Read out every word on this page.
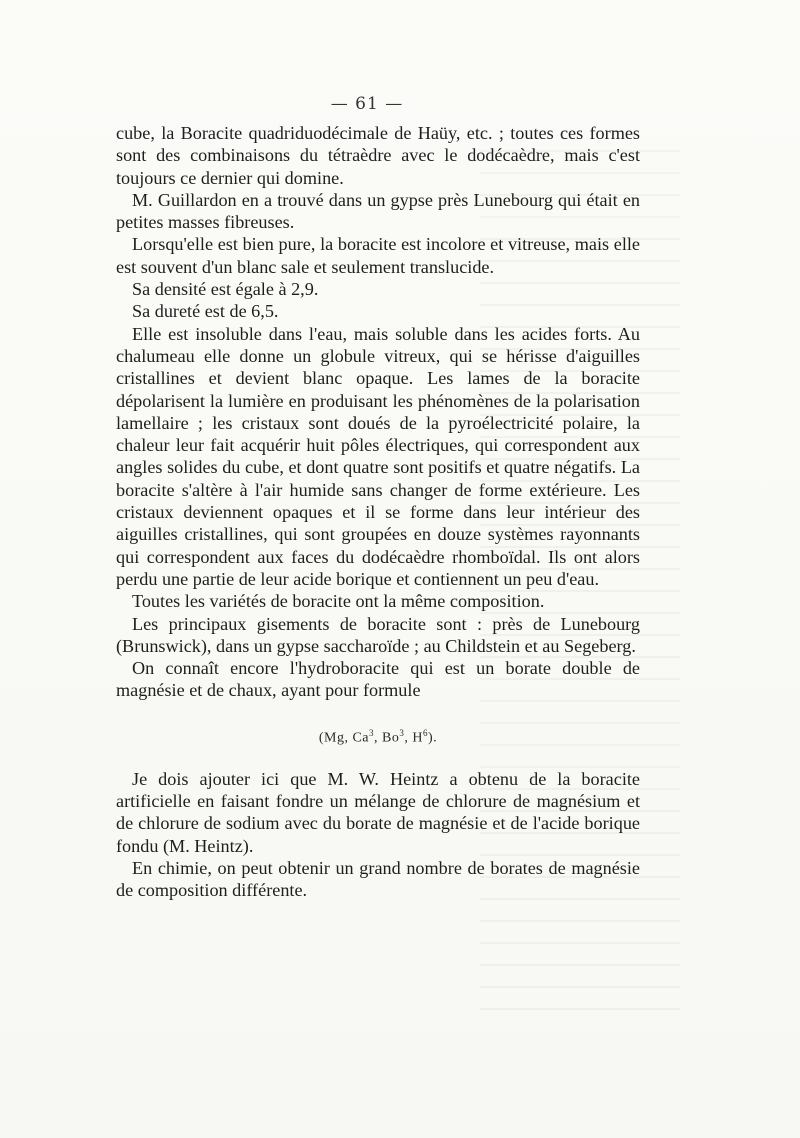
— 61 —

cube, la Boracite quadriduodécimale de Haüy, etc. ; toutes ces formes sont des combinaisons du tétraèdre avec le dodécaèdre, mais c'est toujours ce dernier qui domine.

M. Guillardon en a trouvé dans un gypse près Lunebourg qui était en petites masses fibreuses.

Lorsqu'elle est bien pure, la boracite est incolore et vitreuse, mais elle est souvent d'un blanc sale et seulement translucide.

Sa densité est égale à 2,9.

Sa dureté est de 6,5.

Elle est insoluble dans l'eau, mais soluble dans les acides forts. Au chalumeau elle donne un globule vitreux, qui se hérisse d'aiguilles cristallines et devient blanc opaque. Les lames de la boracite dépolarisent la lumière en produisant les phénomènes de la polarisation lamellaire ; les cristaux sont doués de la pyroélectricité polaire, la chaleur leur fait acquérir huit pôles électriques, qui correspondent aux angles solides du cube, et dont quatre sont positifs et quatre négatifs. La boracite s'altère à l'air humide sans changer de forme extérieure. Les cristaux deviennent opaques et il se forme dans leur intérieur des aiguilles cristallines, qui sont groupées en douze systèmes rayonnants qui correspondent aux faces du dodécaèdre rhomboïdal. Ils ont alors perdu une partie de leur acide borique et contiennent un peu d'eau.

Toutes les variétés de boracite ont la même composition.

Les principaux gisements de boracite sont : près de Lunebourg (Brunswick), dans un gypse saccharoïde ; au Childstein et au Segeberg.

On connaît encore l'hydroboracite qui est un borate double de magnésie et de chaux, ayant pour formule

(Mg, Ca$^3$, Bo$^3$, $H^6$).

Je dois ajouter ici que M. W. Heintz a obtenu de la boracite artificielle en faisant fondre un mélange de chlorure de magnésium et de chlorure de sodium avec du borate de magnésie et de l'acide borique fondu (M. Heintz).

En chimie, on peut obtenir un grand nombre de borates de magnésie de composition différente.
